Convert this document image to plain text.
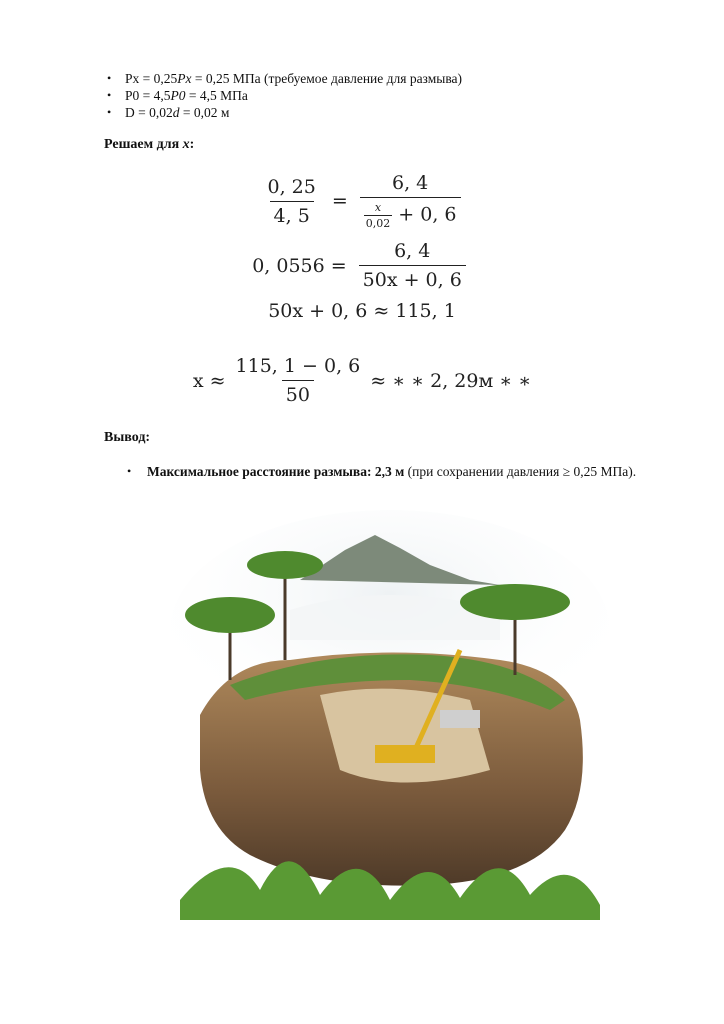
• Px = 0,25Px = 0,25 МПа (требуемое давление для размыва)
• P0 = 4,5P0 = 4,5 МПа
• D = 0,02d = 0,02 м
Решаем для x:
$\frac{0, 25}{4, 5} = \frac{6, 4}{\frac{x}{0,02} + 0, 6}$
0, $0556 = \frac{6, 4}{50x + 0, 6}$
50x + 0, 6 ≈ 115, 1
$x \approx \frac{115, 1 - 0, 6}{50}$ ≈ ∗ ∗ 2, 29м ∗ ∗
Вывод:
• Максимальное расстояние размыва: 2,3 м (при сохранении давления ≥ 0,25 МПа).
